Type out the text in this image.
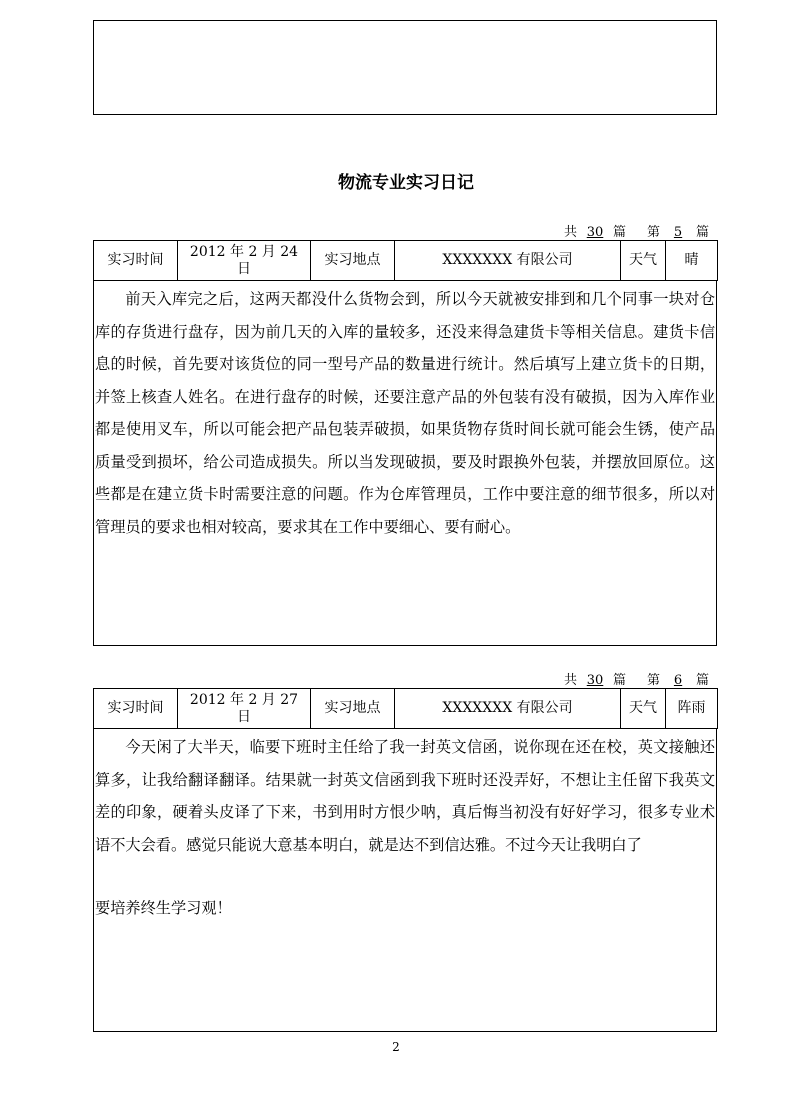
物流专业实习日记
共 30 篇 第 5 篇
实习时间	2012 年 2 月 24 日	实习地点	XXXXXXX 有限公司	天气	晴

前天入库完之后，这两天都没什么货物会到，所以今天就被安排到和几个同事一块对仓库的存货进行盘存，因为前几天的入库的量较多，还没来得急建货卡等相关信息。建货卡信息的时候，首先要对该货位的同一型号产品的数量进行统计。然后填写上建立货卡的日期，并签上核查人姓名。在进行盘存的时候，还要注意产品的外包装有没有破损，因为入库作业都是使用叉车，所以可能会把产品包装弄破损，如果货物存货时间长就可能会生锈，使产品质量受到损坏，给公司造成损失。所以当发现破损，要及时跟换外包装，并摆放回原位。这些都是在建立货卡时需要注意的问题。作为仓库管理员，工作中要注意的细节很多，所以对管理员的要求也相对较高，要求其在工作中要细心、要有耐心。

共 30 篇 第 6 篇
实习时间	2012 年 2 月 27 日	实习地点	XXXXXXX 有限公司	天气	阵雨

今天闲了大半天，临要下班时主任给了我一封英文信函，说你现在还在校，英文接触还算多，让我给翻译翻译。结果就一封英文信函到我下班时还没弄好，不想让主任留下我英文差的印象，硬着头皮译了下来，书到用时方恨少呐，真后悔当初没有好好学习，很多专业术语不大会看。感觉只能说大意基本明白，就是达不到信达雅。不过今天让我明白了

要培养终生学习观！

2
